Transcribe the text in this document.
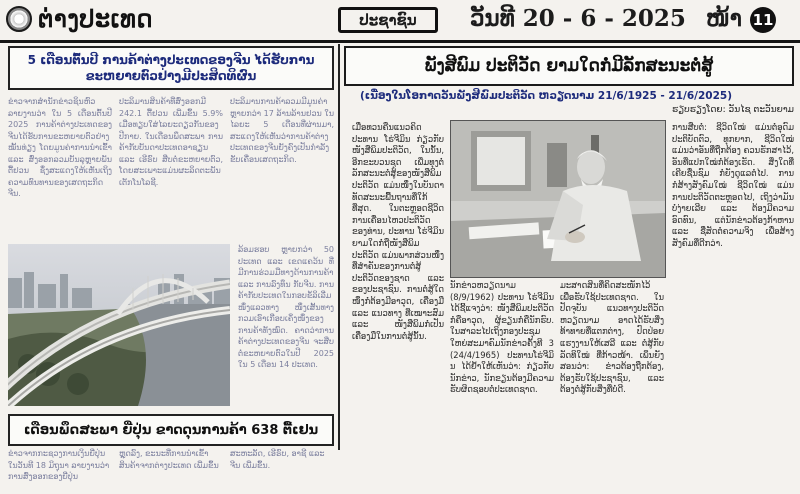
ຕ່າງປະເທດ	ປະຊາຊົນ	ວັນທີ 20 - 6 - 2025 ໜ້າ 11
5 ເດືອນຕົ້ນປີ ການຄ້າຕ່າງປະເທດຂອງຈີນ ໄດ້ຮັບການຂະຫຍາຍຕົວຢ່າງມີປະສິດທິຜົນ
ຂ່າວຈາກສຳນັກຂ່າວຊິນຫົວ ລາຍງານວ່າ ໃນ 5 ເດືອນຕົ້ນປີ 2025 ການຄ້າຕ່າງປະເທດຂອງຈີນໄດ້ຮັບການຂະຫຍາຍຕົວຢ່າງໝັ້ນທ່ຽງ ໂດຍມູນຄ່າການນຳເຂົ້າ ແລະ ສົ່ງອອກລວມບັນລຸຫຼາຍພັນຕື້ຢວນ ຊຶ່ງສະແດງໃຫ້ເຫັນເຖິງຄວາມທົນທານຂອງເສດຖະກິດຈີນ.
ປະລິມານສິນຄ້າທີ່ສົ່ງອອກມີ 242.1 ຕື້ຢວນ ເພີ່ມຂຶ້ນ 5.9% ເມື່ອທຽບໃສ່ໄລຍະດຽວກັນຂອງປີກາຍ. ໃນເດືອນພຶດສະພາ ການຄ້າກັບບັນດາປະເທດອາຊຽນ ແລະ ເອີຣົບ ສືບຕໍ່ຂະຫຍາຍຕົວ, ໂດຍສະເພາະແມ່ນຜະລິດຕະພັນເຕັກໂນໂລຊີ.
ປະລິມານການຄ້າລວມມີມູນຄ່າຫຼາຍກວ່າ 17 ລ້ານລ້ານຢວນ ໃນໄລຍະ 5 ເດືອນທີ່ຜ່ານມາ, ສະແດງໃຫ້ເຫັນວ່າການຄ້າຕ່າງປະເທດຂອງຈີນຍັງຄົງເປັນກຳລັງຂັບເຄື່ອນເສດຖະກິດ.
ລ້ອມຮອບ ຫຼາຍກວ່າ 50 ປະເທດ ແລະ ເຂດແຄວ້ນ ທີ່ມີການຮ່ວມມືທາງດ້ານການຄ້າ ແລະ ການລົງທຶນ ກັບຈີນ. ການຄ້າກັບປະເທດໃນກອບຂໍ້ລິເລີ່ມໜຶ່ງແລວທາງ ໜຶ່ງເສັ້ນທາງ ກວມເອົາເກືອບເຄິ່ງໜຶ່ງຂອງການຄ້າທັງໝົດ. ຄາດວ່າການຄ້າຕ່າງປະເທດຂອງຈີນ ຈະສືບຕໍ່ຂະຫຍາຍຕົວໃນປີ 2025 ໃນ 5 ເດືອນ 14 ປະເທດ.
ເດືອນພຶດສະພາ ຍີ່ປຸ່ນ ຂາດດຸນການຄ້າ 638 ຕື້ເຢນ
ຂ່າວຈາກກະຊວງການເງິນຍີ່ປຸ່ນ ໃນວັນທີ 18 ມິຖຸນາ ລາຍງານວ່າ ການສົ່ງອອກຂອງຍີ່ປຸ່ນ
ຫຼຸດລົງ, ຂະນະທີ່ການນຳເຂົ້າ ສິນຄ້າຈາກຕ່າງປະເທດ ເພີ່ມຂຶ້ນ
ສະຫະລັດ, ເອີຣົບ, ອາຊີ ແລະ ຈີນ ເພີ່ມຂຶ້ນ.
ພັງສີພົມ ປະຕິວັດ ຍາມໃດກໍ່ມີລັກສະນະຕໍ່ສູ້
(ເນື່ອງໃນໂອກາດວັນພັງສີພົມປະຕິວັດ ຫວຽດນາມ 21/6/1925 - 21/6/2025)
ຮຽບຮຽງໂດຍ: ວັນໄຊ ຕະວັນຍາມ
ເມື່ອທວນຄືນແນວຄິດປະທານ ໂຮ່ຈີມິນ ກ່ຽວກັບໜັງສືພິມປະຕິວັດ, ໃນນັ້ນ, ອີກຂະບວນຊຸດ ເພີ່ມທຸງຕໍ່ລັກສະນະຕໍ່ສູ້ຂອງໜັງສືພິມປະຕິວັດ ແມ່ນໜຶ່ງໃນບັນດາທັດສະນະພື້ນຖານທີ່ໃກ້ທີ່ສຸດ. ໃນຕະຫຼອດຊີວິດການເຄື່ອນໄຫວປະຕິວັດຂອງທ່ານ, ປະທານ ໂຮ່ຈີມິນ ຍາມໃດກໍ່ຖືໜັງສືພິມປະຕິວັດ ແມ່ນພາກສ່ວນໜຶ່ງທີ່ສຳຄັນຂອງການຕໍ່ສູ້ປະຕິວັດຂອງຊາດ ແລະ ຂອງປະຊາຊົນ. ການຕໍ່ສູ້ໃດໜຶ່ງກໍ່ຕ້ອງມີອາວຸດ, ເຄື່ອງມື ແລະ ແນວທາງ ທີ່ເໝາະສົມ ແລະ ໜັງສືພິມກໍ່ເປັນເຄື່ອງມືໃນການຕໍ່ສູ້ນັ້ນ.
ນັກຂ່າວຫວຽດນາມ (8/9/1962) ປະທານ ໂຮ່ຈີມິນ ໄດ້ຊີ້ແຈງວ່າ: ໜັງສືພິມປະຕິວັດ ກໍ່ຄືອາວຸດ, ຜູ້ຂຽນກໍ່ຄືນັກຮົບ. ໃນສາລະໄປເຖິງກອງປະຊຸມໃຫຍ່ສະມາຄົມນັກຂ່າວຄັ້ງທີ 3 (24/4/1965) ປະທານໂຮ່ຈີມິນ ໄດ້ຢ້ຳໃຫ້ເຫັນວ່າ: ກ່ຽວກັບນັກຂ່າວ, ນັກຂຽນຕ້ອງມີຄວາມຮັບຜິດຊອບຕໍ່ປະເທດຊາດ.
ມະສາດສິນທີ່ຄິດສະໜັກໄວ້ເພື່ອຮັບໃຊ້ປະເທດຊາດ. ໃນປັດຈຸບັນ ແນວທາງປະຕິວັດ ຫວຽດນາມ ອາດໄດ້ຮັບສິ່ງທ້າທາຍທີ່ແຕກຕ່າງ, ປົດປ່ອຍແຮງງານໃຫ້ເສລີ ແລະ ຕໍ່ສູ້ກັບລັດທິໃໝ່ ທີ່ກ້າວໜ້າ. ເພິ່ນຍັງສອນວ່າ: ຂ່າວຕ້ອງຖືກຕ້ອງ, ຕ້ອງຮັບໃຊ້ປະຊາຊົນ, ແລະ ຕ້ອງຕໍ່ສູ້ກັບສິ່ງທີ່ບໍ່ດີ.
ການສືບຕໍ່: ຊີວິດໃໝ່ ແມ່ນຕໍ່ອຸດົມ ປະຕິບັດຕົວ, ທຸກຍາກ, ຊີວິດໃໝ່ແມ່ນວ່າອັນທີ່ຖືກຕ້ອງ ຄວນຮັກສາໄວ້, ອັນທີ່ແປກໃໝ່ກໍ່ຕ້ອງເຮັດ. ສິ່ງໃດທີ່ເຄີຍຊື່ນຊົມ ກໍ່ຍັງດູແລຕໍ່ໄປ. ການກໍ່ສ້າງສັງຄົມໃໝ່ ຊີວິດໃໝ່ ແມ່ນການປະຕິວັດຕະຫຼອດໄປ, ເຖິງວ່າມັນບໍ່ງ່າຍເລີຍ ແລະ ຕ້ອງມີຄວາມອົດທົນ, ແຕ່ນັກຂ່າວຕ້ອງກ້າຫານ ແລະ ຊື່ສັດຕໍ່ຄວາມຈິງ ເພື່ອສ້າງສັງຄົມທີ່ດີກວ່າ.
